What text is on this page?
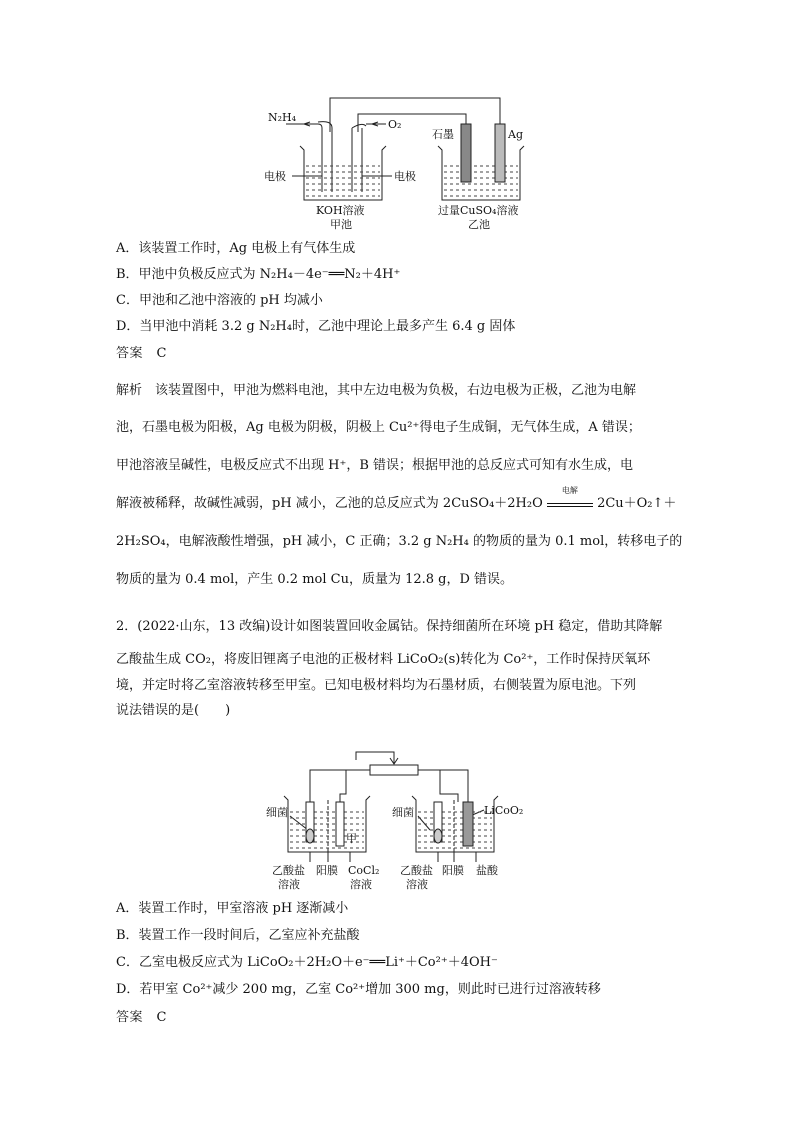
N₂H₄
O₂
石墨	Ag
电极	电极
KOH溶液
甲池
过量CuSO₄溶液
乙池
A．该装置工作时，Ag 电极上有气体生成
B．甲池中负极反应式为 N₂H₄－4e⁻══N₂＋4H⁺
C．甲池和乙池中溶液的 pH 均减小
D．当甲池中消耗 3.2 g N₂H₄时，乙池中理论上最多产生 6.4 g 固体
答案　C
解析　该装置图中，甲池为燃料电池，其中左边电极为负极，右边电极为正极，乙池为电解
池，石墨电极为阳极，Ag 电极为阴极，阴极上 Cu²⁺得电子生成铜，无气体生成，A 错误；
甲池溶液呈碱性，电极反应式不出现 H⁺，B 错误；根据甲池的总反应式可知有水生成，电
解液被稀释，故碱性减弱，pH 减小，乙池的总反应式为 2CuSO₄＋2H₂O
电解
2Cu＋O₂↑＋
2H₂SO₄，电解液酸性增强，pH 减小，C 正确；3.2 g N₂H₄ 的物质的量为 0.1 mol，转移电子的
物质的量为 0.4 mol，产生 0.2 mol Cu，质量为 12.8 g，D 错误。
2．(2022·山东，13 改编)设计如图装置回收金属钴。保持细菌所在环境 pH 稳定，借助其降解
乙酸盐生成 CO₂，将废旧锂离子电池的正极材料 LiCoO₂(s)转化为 Co²⁺，工作时保持厌氧环
境，并定时将乙室溶液转移至甲室。已知电极材料均为石墨材质，右侧装置为原电池。下列
说法错误的是(　　)
细菌	细菌
甲
LiCoO₂
乙酸盐
溶液
阳膜 CoCl₂
溶液
乙酸盐
溶液
阳膜 盐酸
A．装置工作时，甲室溶液 pH 逐渐减小
B．装置工作一段时间后，乙室应补充盐酸
C．乙室电极反应式为 LiCoO₂＋2H₂O＋e⁻══Li⁺＋Co²⁺＋4OH⁻
D．若甲室 Co²⁺减少 200 mg，乙室 Co²⁺增加 300 mg，则此时已进行过溶液转移
答案　C
